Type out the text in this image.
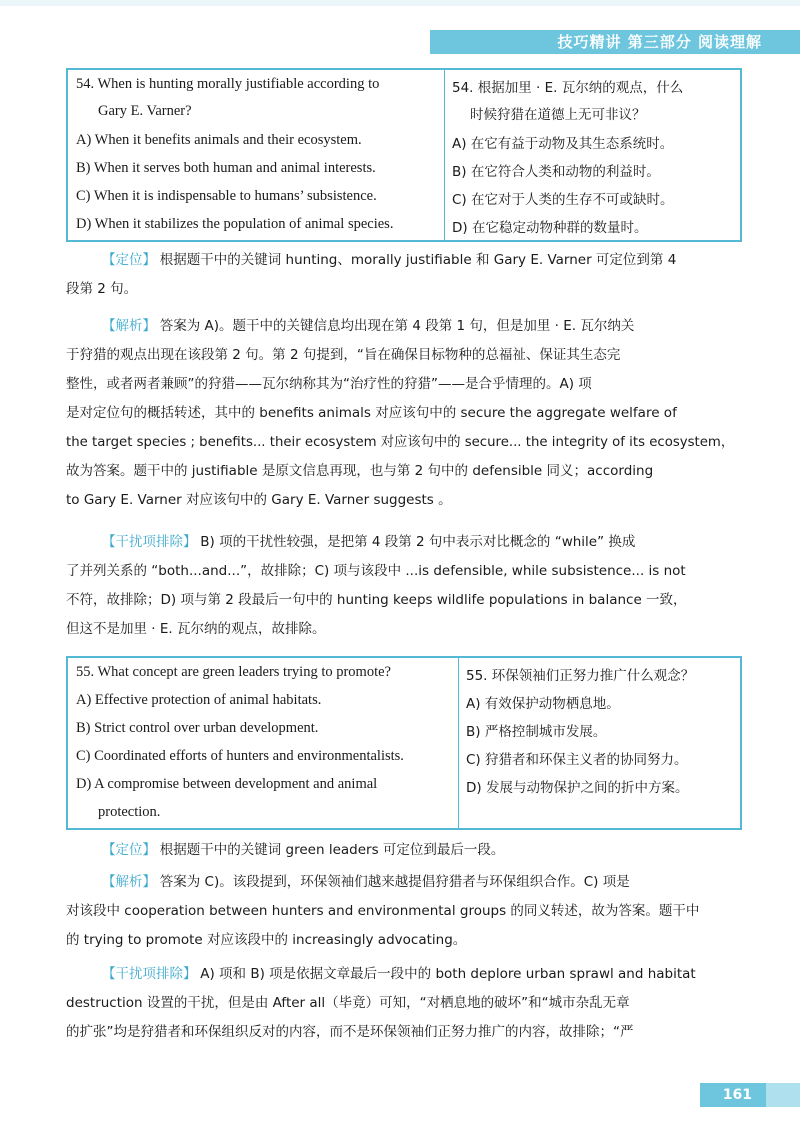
技巧精讲 第三部分 阅读理解
54. When is hunting morally justifiable according to
Gary E. Varner?
A) When it benefits animals and their ecosystem.
B) When it serves both human and animal interests.
C) When it is indispensable to humans’ subsistence.
D) When it stabilizes the population of animal species.
54. 根据加里 · E. 瓦尔纳的观点，什么
时候狩猎在道德上无可非议？
A) 在它有益于动物及其生态系统时。
B) 在它符合人类和动物的利益时。
C) 在它对于人类的生存不可或缺时。
D) 在它稳定动物种群的数量时。
【定位】 根据题干中的关键词 hunting、morally justifiable 和 Gary E. Varner 可定位到第 4
段第 2 句。
【解析】 答案为 A)。题干中的关键信息均出现在第 4 段第 1 句，但是加里 · E. 瓦尔纳关
于狩猎的观点出现在该段第 2 句。第 2 句提到，“旨在确保目标物种的总福祉、保证其生态完
整性，或者两者兼顾”的狩猎——瓦尔纳称其为“治疗性的狩猎”——是合乎情理的。A) 项
是对定位句的概括转述，其中的 benefits animals 对应该句中的 secure the aggregate welfare of
the target species ; benefits... their ecosystem 对应该句中的 secure... the integrity of its ecosystem，
故为答案。题干中的 justifiable 是原文信息再现，也与第 2 句中的 defensible 同义；according
to Gary E. Varner 对应该句中的 Gary E. Varner suggests 。
【干扰项排除】 B) 项的干扰性较强，是把第 4 段第 2 句中表示对比概念的 “while” 换成
了并列关系的 “both...and...”，故排除；C) 项与该段中 ...is defensible, while subsistence... is not
不符，故排除；D) 项与第 2 段最后一句中的 hunting keeps wildlife populations in balance 一致，
但这不是加里 · E. 瓦尔纳的观点，故排除。
55. What concept are green leaders trying to promote?
A) Effective protection of animal habitats.
B) Strict control over urban development.
C) Coordinated efforts of hunters and environmentalists.
D) A compromise between development and animal
protection.
55. 环保领袖们正努力推广什么观念？
A) 有效保护动物栖息地。
B) 严格控制城市发展。
C) 狩猎者和环保主义者的协同努力。
D) 发展与动物保护之间的折中方案。
【定位】 根据题干中的关键词 green leaders 可定位到最后一段。
【解析】 答案为 C)。该段提到，环保领袖们越来越提倡狩猎者与环保组织合作。C) 项是
对该段中 cooperation between hunters and environmental groups 的同义转述，故为答案。题干中
的 trying to promote 对应该段中的 increasingly advocating。
【干扰项排除】 A) 项和 B) 项是依据文章最后一段中的 both deplore urban sprawl and habitat
destruction 设置的干扰，但是由 After all（毕竟）可知，“对栖息地的破坏”和“城市杂乱无章
的扩张”均是狩猎者和环保组织反对的内容，而不是环保领袖们正努力推广的内容，故排除；“严
161
